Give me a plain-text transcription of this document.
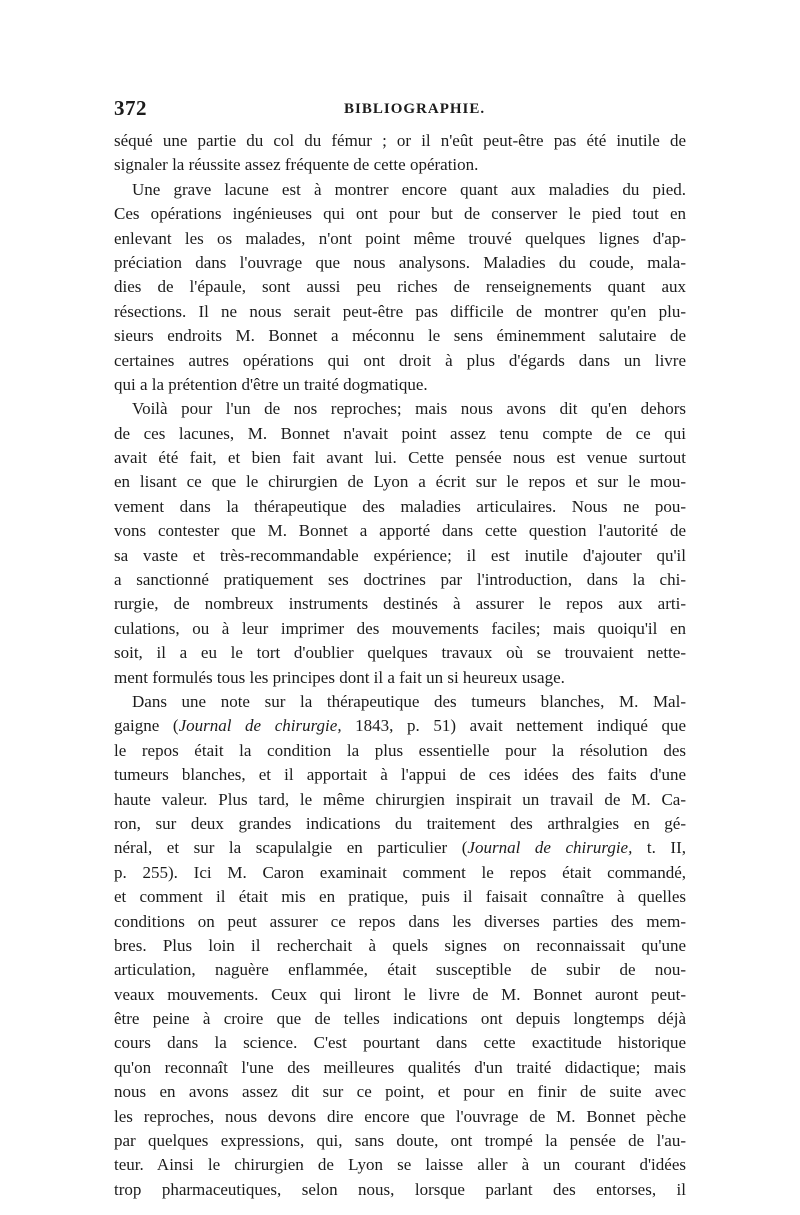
372	BIBLIOGRAPHIE.
séqué une partie du col du fémur ; or il n'eût peut-être pas été inutile de
signaler la réussite assez fréquente de cette opération.
Une grave lacune est à montrer encore quant aux maladies du pied.
Ces opérations ingénieuses qui ont pour but de conserver le pied tout en
enlevant les os malades, n'ont point même trouvé quelques lignes d'ap-
préciation dans l'ouvrage que nous analysons. Maladies du coude, mala-
dies de l'épaule, sont aussi peu riches de renseignements quant aux
résections. Il ne nous serait peut-être pas difficile de montrer qu'en plu-
sieurs endroits M. Bonnet a méconnu le sens éminemment salutaire de
certaines autres opérations qui ont droit à plus d'égards dans un livre
qui a la prétention d'être un traité dogmatique.
Voilà pour l'un de nos reproches; mais nous avons dit qu'en dehors
de ces lacunes, M. Bonnet n'avait point assez tenu compte de ce qui
avait été fait, et bien fait avant lui. Cette pensée nous est venue surtout
en lisant ce que le chirurgien de Lyon a écrit sur le repos et sur le mou-
vement dans la thérapeutique des maladies articulaires. Nous ne pou-
vons contester que M. Bonnet a apporté dans cette question l'autorité de
sa vaste et très-recommandable expérience; il est inutile d'ajouter qu'il
a sanctionné pratiquement ses doctrines par l'introduction, dans la chi-
rurgie, de nombreux instruments destinés à assurer le repos aux arti-
culations, ou à leur imprimer des mouvements faciles; mais quoiqu'il en
soit, il a eu le tort d'oublier quelques travaux où se trouvaient nette-
ment formulés tous les principes dont il a fait un si heureux usage.
Dans une note sur la thérapeutique des tumeurs blanches, M. Mal-
gaigne (Journal de chirurgie, 1843, p. 51) avait nettement indiqué que
le repos était la condition la plus essentielle pour la résolution des
tumeurs blanches, et il apportait à l'appui de ces idées des faits d'une
haute valeur. Plus tard, le même chirurgien inspirait un travail de M. Ca-
ron, sur deux grandes indications du traitement des arthralgies en gé-
néral, et sur la scapulalgie en particulier (Journal de chirurgie, t. II,
p. 255). Ici M. Caron examinait comment le repos était commandé,
et comment il était mis en pratique, puis il faisait connaître à quelles
conditions on peut assurer ce repos dans les diverses parties des mem-
bres. Plus loin il recherchait à quels signes on reconnaissait qu'une
articulation, naguère enflammée, était susceptible de subir de nou-
veaux mouvements. Ceux qui liront le livre de M. Bonnet auront peut-
être peine à croire que de telles indications ont depuis longtemps déjà
cours dans la science. C'est pourtant dans cette exactitude historique
qu'on reconnaît l'une des meilleures qualités d'un traité didactique; mais
nous en avons assez dit sur ce point, et pour en finir de suite avec
les reproches, nous devons dire encore que l'ouvrage de M. Bonnet pèche
par quelques expressions, qui, sans doute, ont trompé la pensée de l'au-
teur. Ainsi le chirurgien de Lyon se laisse aller à un courant d'idées
trop pharmaceutiques, selon nous, lorsque parlant des entorses, il
